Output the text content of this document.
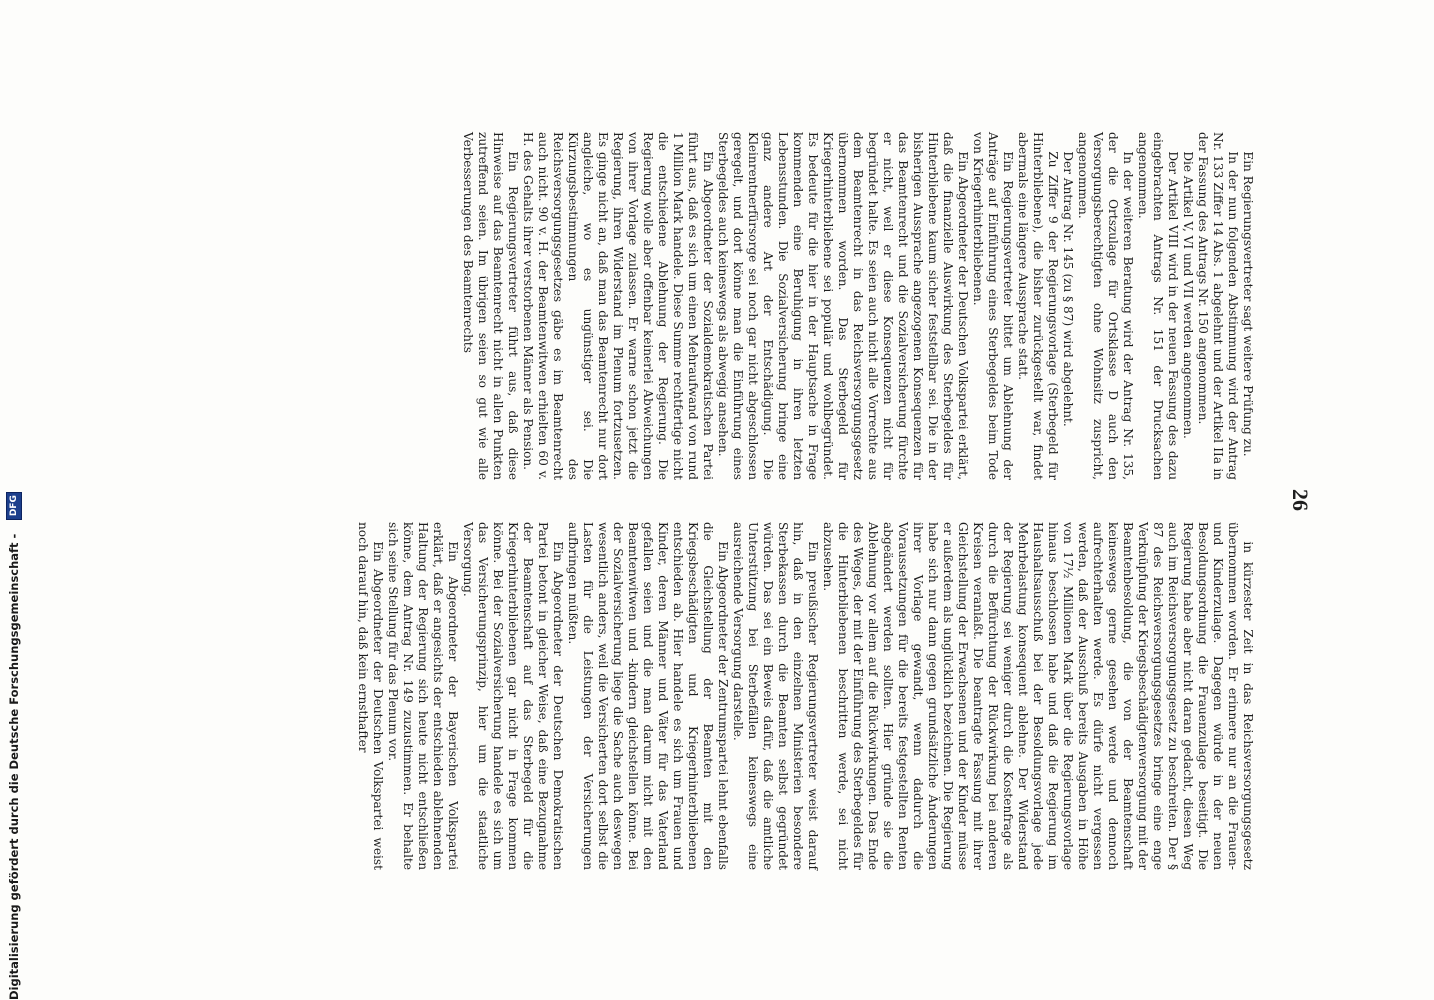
26

Ein Regierungsvertreter sagt weitere Prüfung zu.

In der nun folgenden Abstimmung wird der Antrag Nr. 133 Ziffer 14 Abs. 1 abgelehnt und der Artikel IIa in der Fassung des Antrags Nr. 150 angenommen.

Die Artikel V, VI und VII werden angenommen.

Der Artikel VIII wird in der neuen Fassung des dazu eingebrachten Antrags Nr. 151 der Drucksachen angenommen.

In der weiteren Beratung wird der Antrag Nr. 135, der die Ortszulage für Ortsklasse D auch den Versorgungsberechtigten ohne Wohnsitz zuspricht, angenommen.

Der Antrag Nr. 145 (zu § 87) wird abgelehnt.

Zu Ziffer 9 der Regierungsvorlage (Sterbegeld für Hinterbliebene), die bisher zurückgestellt war, findet abermals eine längere Aussprache statt.

Ein Regierungsvertreter bittet um Ablehnung der Anträge auf Einführung eines Sterbegeldes beim Tode von Kriegerhinterbliebenen.

Ein Abgeordneter der Deutschen Volkspartei erklärt, daß die finanzielle Auswirkung des Sterbegeldes für Hinterbliebene kaum sicher feststellbar sei. Die in der bisherigen Aussprache angezogenen Konsequenzen für das Beamtenrecht und die Sozialversicherung fürchte er nicht, weil er diese Konsequenzen nicht für begründet halte. Es seien auch nicht alle Vorrechte aus dem Beamtenrecht in das Reichsversorgungsgesetz übernommen worden. Das Sterbegeld für Kriegerhinterbliebene sei populär und wohlbegründet. Es bedeute für die hier in der Hauptsache in Frage kommenden eine Beruhigung in ihren letzten Lebensstunden. Die Sozialversicherung bringe eine ganz andere Art der Entschädigung. Die Kleinrentnerfürsorge sei noch gar nicht abgeschlossen geregelt, und dort könne man die Einführung eines Sterbegeldes auch keineswegs als abwegig ansehen.

Ein Abgeordneter der Sozialdemokratischen Partei führt aus, daß es sich um einen Mehraufwand von rund 1 Million Mark handele. Diese Summe rechtfertige nicht die entschiedene Ablehnung der Regierung. Die Regierung wolle aber offenbar keinerlei Abweichungen von ihrer Vorlage zulassen. Er warne schon jetzt die Regierung, ihren Widerstand im Plenum fortzusetzen. Es ginge nicht an, daß man das Beamtenrecht nur dort angleiche, wo es ungünstiger sei. Die Kürzungsbestimmungen des Reichsversorgungsgesetzes gäbe es im Beamtenrecht auch nicht. 90 v. H. der Beamtenwitwen erhielten 60 v. H. des Gehalts ihrer verstorbenen Männer als Pension.

Ein Regierungsvertreter führt aus, daß diese Hinweise auf das Beamtenrecht nicht in allen Punkten zutreffend seien. Im übrigen seien so gut wie alle Verbesserungen des Beamtenrechts

in kürzester Zeit in das Reichsversorgungsgesetz übernommen worden. Er erinnere nur an die Frauen- und Kinderzulage. Dagegen würde in der neuen Besoldungsordnung die Frauenzulage beseitigt. Die Regierung habe aber nicht daran gedacht, diesen Weg auch im Reichsversorgungsgesetz zu beschreiten. Der § 87 des Reichsversorgungsgesetzes bringe eine enge Verknüpfung der Kriegsbeschädigtenversorgung mit der Beamtenbesoldung, die von der Beamtenschaft keineswegs gerne gesehen werde und dennoch aufrechterhalten werde. Es dürfe nicht vergessen werden, daß der Ausschuß bereits Ausgaben in Höhe von 17½ Millionen Mark über die Regierungsvorlage hinaus beschlossen habe und daß die Regierung im Haushaltsausschuß bei der Besoldungsvorlage jede Mehrbelastung konsequent ablehne. Der Widerstand der Regierung sei weniger durch die Kostenfrage als durch die Befürchtung der Rückwirkung bei anderen Kreisen veranlaßt. Die beantragte Fassung mit ihrer Gleichstellung der Erwachsenen und der Kinder müsse er außerdem als unglücklich bezeichnen. Die Regierung habe sich nur dann gegen grundsätzliche Änderungen ihrer Vorlage gewandt, wenn dadurch die Voraussetzungen für die bereits festgestellten Renten abgeändert werden sollten. Hier gründe sie die Ablehnung vor allem auf die Rückwirkungen. Das Ende des Weges, der mit der Einführung des Sterbegeldes für die Hinterbliebenen beschritten werde, sei nicht abzusehen.

Ein preußischer Regierungsvertreter weist darauf hin, daß in den einzelnen Ministerien besondere Sterbekassen durch die Beamten selbst gegründet würden. Das sei ein Beweis dafür, daß die amtliche Unterstützung bei Sterbefällen keineswegs eine ausreichende Versorgung darstelle.

Ein Abgeordneter der Zentrumspartei lehnt ebenfalls die Gleichstellung der Beamten mit den Kriegsbeschädigten und Kriegerhinterbliebenen entschieden ab. Hier handele es sich um Frauen und Kinder, deren Männer und Väter für das Vaterland gefallen seien und die man darum nicht mit den Beamtenwitwen und -kindern gleichstellen könne. Bei der Sozialversicherung liege die Sache auch deswegen wesentlich anders, weil die Versicherten dort selbst die Lasten für die Leistungen der Versicherungen aufbringen müßten.

Ein Abgeordneter der Deutschen Demokratischen Partei betont in gleicher Weise, daß eine Bezugnahme der Beamtenschaft auf das Sterbegeld für die Kriegerhinterbliebenen gar nicht in Frage kommen könne. Bei der Sozialversicherung handele es sich um das Versicherungsprinzip, hier um die staatliche Versorgung.

Ein Abgeordneter der Bayerischen Volkspartei erklärt, daß er angesichts der entschieden ablehnenden Haltung der Regierung sich heute nicht entschließen könne, dem Antrag Nr. 149 zuzustimmen. Er behalte sich seine Stellung für das Plenum vor.

Ein Abgeordneter der Deutschen Volkspartei weist noch darauf hin, daß kein ernsthafter

Digitalisierung gefördert durch die Deutsche Forschungsgemeinschaft -
DFG
